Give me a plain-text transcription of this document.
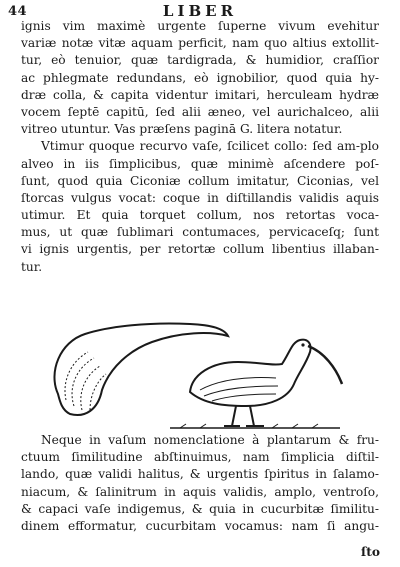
44	LIBER
ignis vim maximè urgente ſuperne vivum evehitur
variæ notæ vitæ aquam perficit, nam quo altius extollit-
tur, eò tenuior, quæ tardigrada, & humidior, craſſior
ac phlegmate redundans, eò ignobilior, quod quia hy-
dræ colla, & capita videntur imitari, herculeam hydræ
vocem ſeptē capitū, ſed alii æneo, vel aurichalceo, alii
vitreo utuntur. Vas præſens paginā G. litera notatur.
Vtimur quoque recurvo vaſe, ſcilicet collo: ſed am-plo
alveo in iis ſimplicibus, quæ minimè aſcendere poſ-
ſunt, quod quia Ciconiæ collum imitatur, Ciconias, vel
ſtorcas vulgus vocat: coque in diſtillandis validis aquis
utimur. Et quia torquet collum, nos retortas voca-
mus, ut quæ ſublimari contumaces, pervicaceſq; ſunt
vi ignis urgentis, per retortæ collum libentius illaban-
tur.
Neque in vaſum nomenclatione à plantarum & fru-
ctuum ſimilitudine abſtinuimus, nam ſimplicia diſtil-
lando, quæ validi halitus, & urgentis ſpiritus in ſalamo-
niacum, & ſalinitrum in aquis validis, amplo, ventroſo,
& capaci vaſe indigemus, & quia in cucurbitæ ſimilitu-
dinem efformatur, cucurbitam vocamus: nam ſi angu-
ſto
